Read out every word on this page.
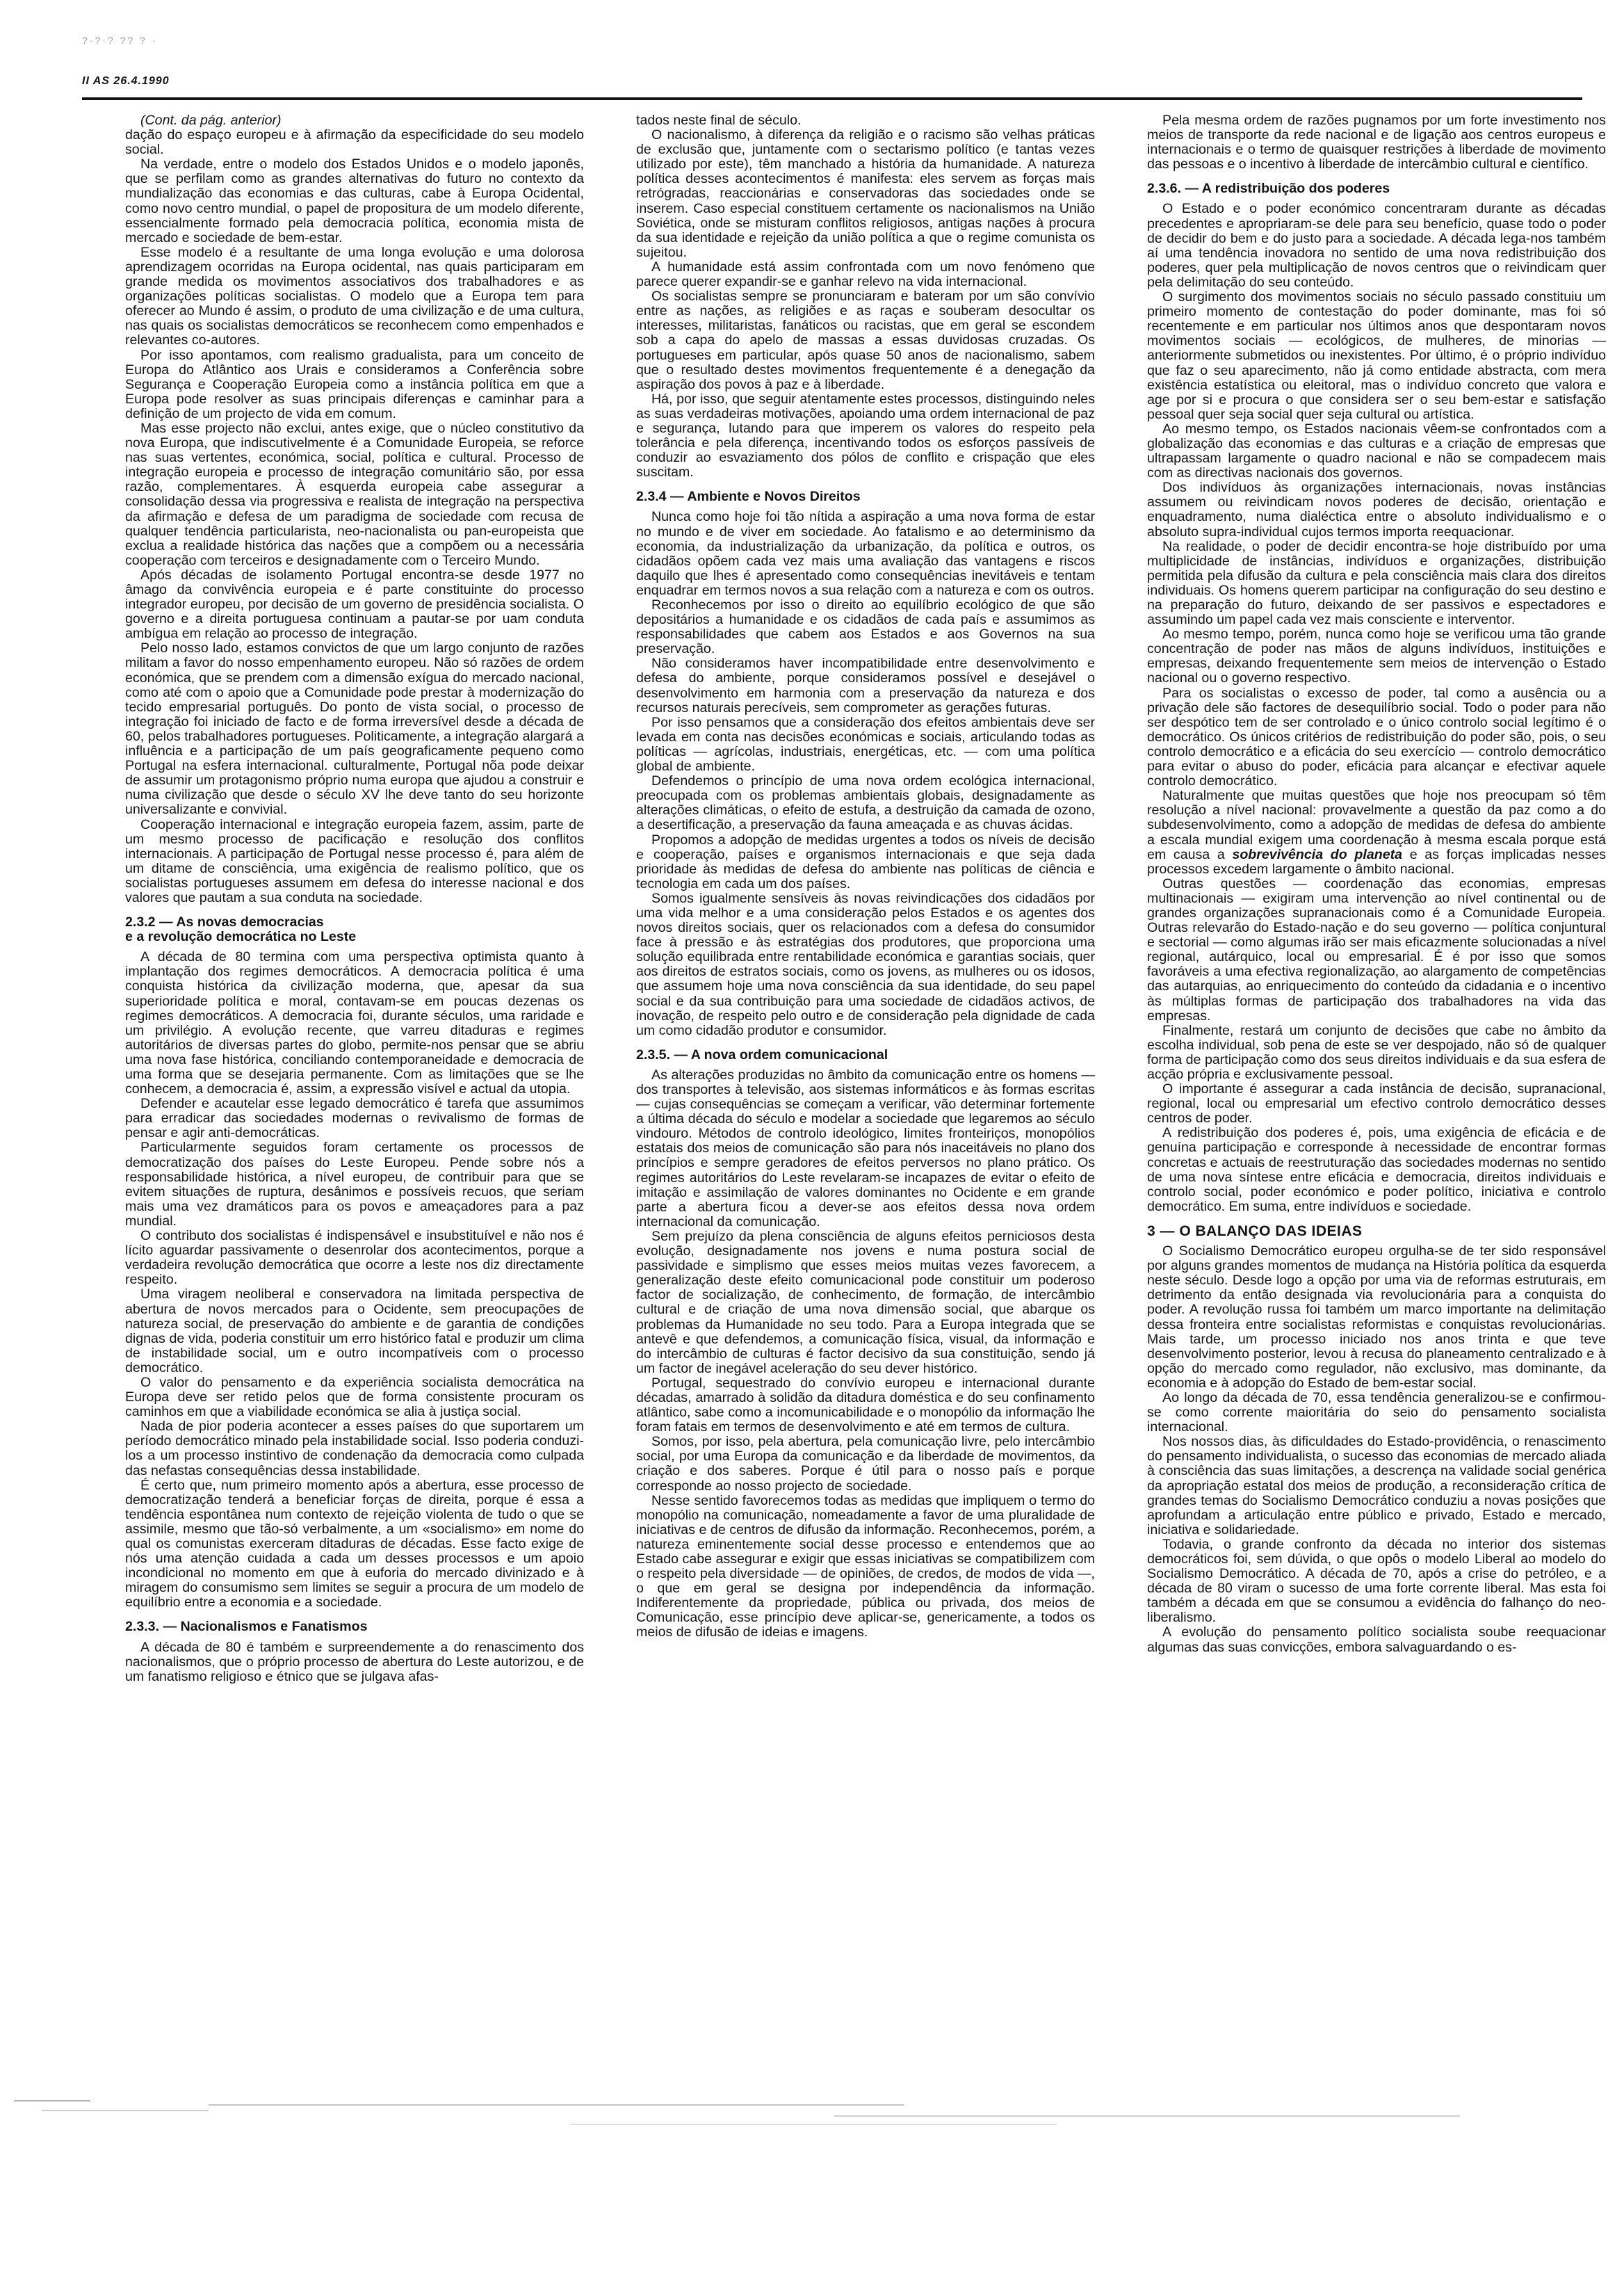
?·?·? ?? ? ·
II AS 26.4.1990

(Cont. da pág. anterior)

dação do espaço europeu e à afirmação da especificidade do seu modelo social.

Na verdade, entre o modelo dos Estados Unidos e o modelo japonês, que se perfilam como as grandes alternativas do futuro no contexto da mundialização das economias e das culturas, cabe à Europa Ocidental, como novo centro mundial, o papel de propositura de um modelo diferente, essencialmente formado pela democracia política, economia mista de mercado e sociedade de bem-estar.

Esse modelo é a resultante de uma longa evolução e uma dolorosa aprendizagem ocorridas na Europa ocidental, nas quais participaram em grande medida os movimentos associativos dos trabalhadores e as organizações políticas socialistas. O modelo que a Europa tem para oferecer ao Mundo é assim, o produto de uma civilização e de uma cultura, nas quais os socialistas democráticos se reconhecem como empenhados e relevantes co-autores.

Por isso apontamos, com realismo gradualista, para um conceito de Europa do Atlântico aos Urais e consideramos a Conferência sobre Segurança e Cooperação Europeia como a instância política em que a Europa pode resolver as suas principais diferenças e caminhar para a definição de um projecto de vida em comum.

Mas esse projecto não exclui, antes exige, que o núcleo constitutivo da nova Europa, que indiscutivelmente é a Comunidade Europeia, se reforce nas suas vertentes, económica, social, política e cultural. Processo de integração europeia e processo de integração comunitário são, por essa razão, complementares. À esquerda europeia cabe assegurar a consolidação dessa via progressiva e realista de integração na perspectiva da afirmação e defesa de um paradigma de sociedade com recusa de qualquer tendência particularista, neo-nacionalista ou pan-europeista que exclua a realidade histórica das nações que a compõem ou a necessária cooperação com terceiros e designadamente com o Terceiro Mundo.

Após décadas de isolamento Portugal encontra-se desde 1977 no âmago da convivência europeia e é parte constituinte do processo integrador europeu, por decisão de um governo de presidência socialista. O governo e a direita portuguesa continuam a pautar-se por uam conduta ambígua em relação ao processo de integração.

Pelo nosso lado, estamos convictos de que um largo conjunto de razões militam a favor do nosso empenhamento europeu. Não só razões de ordem económica, que se prendem com a dimensão exígua do mercado nacional, como até com o apoio que a Comunidade pode prestar à modernização do tecido empresarial português. Do ponto de vista social, o processo de integração foi iniciado de facto e de forma irreversível desde a década de 60, pelos trabalhadores portugueses. Politicamente, a integração alargará a influência e a participação de um país geograficamente pequeno como Portugal na esfera internacional. culturalmente, Portugal nõa pode deixar de assumir um protagonismo próprio numa europa que ajudou a construir e numa civilização que desde o século XV lhe deve tanto do seu horizonte universalizante e convivial.

Cooperação internacional e integração europeia fazem, assim, parte de um mesmo processo de pacificação e resolução dos conflitos internacionais. A participação de Portugal nesse processo é, para além de um ditame de consciência, uma exigência de realismo político, que os socialistas portugueses assumem em defesa do interesse nacional e dos valores que pautam a sua conduta na sociedade.

2.3.2 — As novas democracias
e a revolução democrática no Leste

A década de 80 termina com uma perspectiva optimista quanto à implantação dos regimes democráticos. A democracia política é uma conquista histórica da civilização moderna, que, apesar da sua superioridade política e moral, contavam-se em poucas dezenas os regimes democráticos. A democracia foi, durante séculos, uma raridade e um privilégio. A evolução recente, que varreu ditaduras e regimes autoritários de diversas partes do globo, permite-nos pensar que se abriu uma nova fase histórica, conciliando contemporaneidade e democracia de uma forma que se desejaria permanente. Com as limitações que se lhe conhecem, a democracia é, assim, a expressão visível e actual da utopia.

Defender e acautelar esse legado democrático é tarefa que assumimos para erradicar das sociedades modernas o revivalismo de formas de pensar e agir anti-democráticas.

Particularmente seguidos foram certamente os processos de democratização dos países do Leste Europeu. Pende sobre nós a responsabilidade histórica, a nível europeu, de contribuir para que se evitem situações de ruptura, desânimos e possíveis recuos, que seriam mais uma vez dramáticos para os povos e ameaçadores para a paz mundial.

O contributo dos socialistas é indispensável e insubstituível e não nos é lícito aguardar passivamente o desenrolar dos acontecimentos, porque a verdadeira revolução democrática que ocorre a leste nos diz directamente respeito.

Uma viragem neoliberal e conservadora na limitada perspectiva de abertura de novos mercados para o Ocidente, sem preocupações de natureza social, de preservação do ambiente e de garantia de condições dignas de vida, poderia constituir um erro histórico fatal e produzir um clima de instabilidade social, um e outro incompatíveis com o processo democrático.

O valor do pensamento e da experiência socialista democrática na Europa deve ser retido pelos que de forma consistente procuram os caminhos em que a viabilidade económica se alia à justiça social.

Nada de pior poderia acontecer a esses países do que suportarem um período democrático minado pela instabilidade social. Isso poderia conduzi-los a um processo instintivo de condenação da democracia como culpada das nefastas consequências dessa instabilidade.

É certo que, num primeiro momento após a abertura, esse processo de democratização tenderá a beneficiar forças de direita, porque é essa a tendência espontânea num contexto de rejeição violenta de tudo o que se assimile, mesmo que tão-só verbalmente, a um «socialismo» em nome do qual os comunistas exerceram ditaduras de décadas. Esse facto exige de nós uma atenção cuidada a cada um desses processos e um apoio incondicional no momento em que à euforia do mercado divinizado e à miragem do consumismo sem limites se seguir a procura de um modelo de equilíbrio entre a economia e a sociedade.

2.3.3. — Nacionalismos e Fanatismos

A década de 80 é também e surpreendemente a do renascimento dos nacionalismos, que o próprio processo de abertura do Leste autorizou, e de um fanatismo religioso e étnico que se julgava afas-

tados neste final de século.

O nacionalismo, à diferença da religião e o racismo são velhas práticas de exclusão que, juntamente com o sectarismo político (e tantas vezes utilizado por este), têm manchado a história da humanidade. A natureza política desses acontecimentos é manifesta: eles servem as forças mais retrógradas, reaccionárias e conservadoras das sociedades onde se inserem. Caso especial constituem certamente os nacionalismos na União Soviética, onde se misturam conflitos religiosos, antigas nações à procura da sua identidade e rejeição da união política a que o regime comunista os sujeitou.

A humanidade está assim confrontada com um novo fenómeno que parece querer expandir-se e ganhar relevo na vida internacional.

Os socialistas sempre se pronunciaram e bateram por um são convívio entre as nações, as religiões e as raças e souberam desocultar os interesses, militaristas, fanáticos ou racistas, que em geral se escondem sob a capa do apelo de massas a essas duvidosas cruzadas. Os portugueses em particular, após quase 50 anos de nacionalismo, sabem que o resultado destes movimentos frequentemente é a denegação da aspiração dos povos à paz e à liberdade.

Há, por isso, que seguir atentamente estes processos, distinguindo neles as suas verdadeiras motivações, apoiando uma ordem internacional de paz e segurança, lutando para que imperem os valores do respeito pela tolerância e pela diferença, incentivando todos os esforços passíveis de conduzir ao esvaziamento dos pólos de conflito e crispação que eles suscitam.

2.3.4 — Ambiente e Novos Direitos

Nunca como hoje foi tão nítida a aspiração a uma nova forma de estar no mundo e de viver em sociedade. Ao fatalismo e ao determinismo da economia, da industrialização da urbanização, da política e outros, os cidadãos opõem cada vez mais uma avaliação das vantagens e riscos daquilo que lhes é apresentado como consequências inevitáveis e tentam enquadrar em termos novos a sua relação com a natureza e com os outros.

Reconhecemos por isso o direito ao equilíbrio ecológico de que são depositários a humanidade e os cidadãos de cada país e assumimos as responsabilidades que cabem aos Estados e aos Governos na sua preservação.

Não consideramos haver incompatibilidade entre desenvolvimento e defesa do ambiente, porque consideramos possível e desejável o desenvolvimento em harmonia com a preservação da natureza e dos recursos naturais perecíveis, sem comprometer as gerações futuras.

Por isso pensamos que a consideração dos efeitos ambientais deve ser levada em conta nas decisões económicas e sociais, articulando todas as políticas — agrícolas, industriais, energéticas, etc. — com uma política global de ambiente.

Defendemos o princípio de uma nova ordem ecológica internacional, preocupada com os problemas ambientais globais, designadamente as alterações climáticas, o efeito de estufa, a destruição da camada de ozono, a desertificação, a preservação da fauna ameaçada e as chuvas ácidas.

Propomos a adopção de medidas urgentes a todos os níveis de decisão e cooperação, países e organismos internacionais e que seja dada prioridade às medidas de defesa do ambiente nas políticas de ciência e tecnologia em cada um dos países.

Somos igualmente sensíveis às novas reivindicações dos cidadãos por uma vida melhor e a uma consideração pelos Estados e os agentes dos novos direitos sociais, quer os relacionados com a defesa do consumidor face à pressão e às estratégias dos produtores, que proporciona uma solução equilibrada entre rentabilidade económica e garantias sociais, quer aos direitos de estratos sociais, como os jovens, as mulheres ou os idosos, que assumem hoje uma nova consciência da sua identidade, do seu papel social e da sua contribuição para uma sociedade de cidadãos activos, de inovação, de respeito pelo outro e de consideração pela dignidade de cada um como cidadão produtor e consumidor.

2.3.5. — A nova ordem comunicacional

As alterações produzidas no âmbito da comunicação entre os homens — dos transportes à televisão, aos sistemas informáticos e às formas escritas — cujas consequências se começam a verificar, vão determinar fortemente a última década do século e modelar a sociedade que legaremos ao século vindouro. Métodos de controlo ideológico, limites fronteiriços, monopólios estatais dos meios de comunicação são para nós inaceitáveis no plano dos princípios e sempre geradores de efeitos perversos no plano prático. Os regimes autoritários do Leste revelaram-se incapazes de evitar o efeito de imitação e assimilação de valores dominantes no Ocidente e em grande parte a abertura ficou a dever-se aos efeitos dessa nova ordem internacional da comunicação.

Sem prejuízo da plena consciência de alguns efeitos perniciosos desta evolução, designadamente nos jovens e numa postura social de passividade e simplismo que esses meios muitas vezes favorecem, a generalização deste efeito comunicacional pode constituir um poderoso factor de socialização, de conhecimento, de formação, de intercâmbio cultural e de criação de uma nova dimensão social, que abarque os problemas da Humanidade no seu todo. Para a Europa integrada que se antevê e que defendemos, a comunicação física, visual, da informação e do intercâmbio de culturas é factor decisivo da sua constituição, sendo já um factor de inegável aceleração do seu dever histórico.

Portugal, sequestrado do convívio europeu e internacional durante décadas, amarrado à solidão da ditadura doméstica e do seu confinamento atlântico, sabe como a incomunicabilidade e o monopólio da informação lhe foram fatais em termos de desenvolvimento e até em termos de cultura.

Somos, por isso, pela abertura, pela comunicação livre, pelo intercâmbio social, por uma Europa da comunicação e da liberdade de movimentos, da criação e dos saberes. Porque é útil para o nosso país e porque corresponde ao nosso projecto de sociedade.

Nesse sentido favorecemos todas as medidas que impliquem o termo do monopólio na comunicação, nomeadamente a favor de uma pluralidade de iniciativas e de centros de difusão da informação. Reconhecemos, porém, a natureza eminentemente social desse processo e entendemos que ao Estado cabe assegurar e exigir que essas iniciativas se compatibilizem com o respeito pela diversidade — de opiniões, de credos, de modos de vida —, o que em geral se designa por independência da informação. Indiferentemente da propriedade, pública ou privada, dos meios de Comunicação, esse princípio deve aplicar-se, genericamente, a todos os meios de difusão de ideias e imagens.

Pela mesma ordem de razões pugnamos por um forte investimento nos meios de transporte da rede nacional e de ligação aos centros europeus e internacionais e o termo de quaisquer restrições à liberdade de movimento das pessoas e o incentivo à liberdade de intercâmbio cultural e científico.

2.3.6. — A redistribuição dos poderes

O Estado e o poder económico concentraram durante as décadas precedentes e apropriaram-se dele para seu benefício, quase todo o poder de decidir do bem e do justo para a sociedade. A década lega-nos também aí uma tendência inovadora no sentido de uma nova redistribuição dos poderes, quer pela multiplicação de novos centros que o reivindicam quer pela delimitação do seu conteúdo.

O surgimento dos movimentos sociais no século passado constituiu um primeiro momento de contestação do poder dominante, mas foi só recentemente e em particular nos últimos anos que despontaram novos movimentos sociais — ecológicos, de mulheres, de minorias — anteriormente submetidos ou inexistentes. Por último, é o próprio indivíduo que faz o seu aparecimento, não já como entidade abstracta, com mera existência estatística ou eleitoral, mas o indivíduo concreto que valora e age por si e procura o que considera ser o seu bem-estar e satisfação pessoal quer seja social quer seja cultural ou artística.

Ao mesmo tempo, os Estados nacionais vêem-se confrontados com a globalização das economias e das culturas e a criação de empresas que ultrapassam largamente o quadro nacional e não se compadecem mais com as directivas nacionais dos governos.

Dos indivíduos às organizações internacionais, novas instâncias assumem ou reivindicam novos poderes de decisão, orientação e enquadramento, numa dialéctica entre o absoluto individualismo e o absoluto supra-individual cujos termos importa reequacionar.

Na realidade, o poder de decidir encontra-se hoje distribuído por uma multiplicidade de instâncias, indivíduos e organizações, distribuição permitida pela difusão da cultura e pela consciência mais clara dos direitos individuais. Os homens querem participar na configuração do seu destino e na preparação do futuro, deixando de ser passivos e espectadores e assumindo um papel cada vez mais consciente e interventor.

Ao mesmo tempo, porém, nunca como hoje se verificou uma tão grande concentração de poder nas mãos de alguns indivíduos, instituições e empresas, deixando frequentemente sem meios de intervenção o Estado nacional ou o governo respectivo.

Para os socialistas o excesso de poder, tal como a ausência ou a privação dele são factores de desequilíbrio social. Todo o poder para não ser despótico tem de ser controlado e o único controlo social legítimo é o democrático. Os únicos critérios de redistribuição do poder são, pois, o seu controlo democrático e a eficácia do seu exercício — controlo democrático para evitar o abuso do poder, eficácia para alcançar e efectivar aquele controlo democrático.

Naturalmente que muitas questões que hoje nos preocupam só têm resolução a nível nacional: provavelmente a questão da paz como a do subdesenvolvimento, como a adopção de medidas de defesa do ambiente a escala mundial exigem uma coordenação à mesma escala porque está em causa a sobrevivência do planeta e as forças implicadas nesses processos excedem largamente o âmbito nacional.

Outras questões — coordenação das economias, empresas multinacionais — exigiram uma intervenção ao nível continental ou de grandes organizações supranacionais como é a Comunidade Europeia. Outras relevarão do Estado-nação e do seu governo — política conjuntural e sectorial — como algumas irão ser mais eficazmente solucionadas a nível regional, autárquico, local ou empresarial. É é por isso que somos favoráveis a uma efectiva regionalização, ao alargamento de competências das autarquias, ao enriquecimento do conteúdo da cidadania e o incentivo às múltiplas formas de participação dos trabalhadores na vida das empresas.

Finalmente, restará um conjunto de decisões que cabe no âmbito da escolha individual, sob pena de este se ver despojado, não só de qualquer forma de participação como dos seus direitos individuais e da sua esfera de acção própria e exclusivamente pessoal.

O importante é assegurar a cada instância de decisão, supranacional, regional, local ou empresarial um efectivo controlo democrático desses centros de poder.

A redistribuição dos poderes é, pois, uma exigência de eficácia e de genuína participação e corresponde à necessidade de encontrar formas concretas e actuais de reestruturação das sociedades modernas no sentido de uma nova síntese entre eficácia e democracia, direitos individuais e controlo social, poder económico e poder político, iniciativa e controlo democrático. Em suma, entre indivíduos e sociedade.

3 — O BALANÇO DAS IDEIAS

O Socialismo Democrático europeu orgulha-se de ter sido responsável por alguns grandes momentos de mudança na História política da esquerda neste século. Desde logo a opção por uma via de reformas estruturais, em detrimento da então designada via revolucionária para a conquista do poder. A revolução russa foi também um marco importante na delimitação dessa fronteira entre socialistas reformistas e conquistas revolucionárias. Mais tarde, um processo iniciado nos anos trinta e que teve desenvolvimento posterior, levou à recusa do planeamento centralizado e à opção do mercado como regulador, não exclusivo, mas dominante, da economia e à adopção do Estado de bem-estar social.

Ao longo da década de 70, essa tendência generalizou-se e confirmou-se como corrente maioritária do seio do pensamento socialista internacional.

Nos nossos dias, às dificuldades do Estado-providência, o renascimento do pensamento individualista, o sucesso das economias de mercado aliada à consciência das suas limitações, a descrença na validade social genérica da apropriação estatal dos meios de produção, a reconsideração crítica de grandes temas do Socialismo Democrático conduziu a novas posições que aprofundam a articulação entre público e privado, Estado e mercado, iniciativa e solidariedade.

Todavia, o grande confronto da década no interior dos sistemas democráticos foi, sem dúvida, o que opôs o modelo Liberal ao modelo do Socialismo Democrático. A década de 70, após a crise do petróleo, e a década de 80 viram o sucesso de uma forte corrente liberal. Mas esta foi também a década em que se consumou a evidência do falhanço do neo-liberalismo.

A evolução do pensamento político socialista soube reequacionar algumas das suas convicções, embora salvaguardando o es-
